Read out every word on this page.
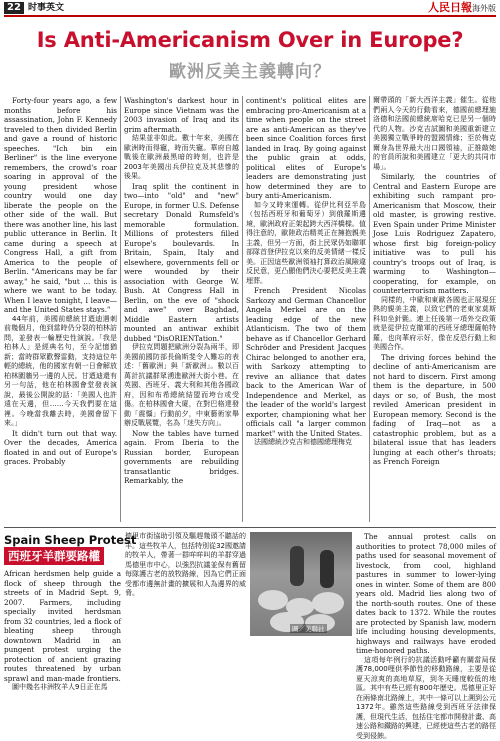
22 时事英文	人民日報海外版
Is Anti-Americanism Over in Europe?
歐洲反美主義轉向？

Forty-four years ago, a few months before his assassination, John F. Kennedy traveled to then divided Berlin and gave a round of historic speeches. "Ich bin ein Berliner" is the line everyone remembers, the crowd's roar soaring in approval of the young president whose country would one day liberate the people on the other side of the wall. But there was another line, his last public utterance in Berlin. It came during a speech at Congress Hall, a gift from America to the people of Berlin. "Americans may be far away," he said, "but ... this is where we want to be today. When I leave tonight, I leave—and the United States stays."

44年前，美國前總統甘迺迪遇刺前幾個月，他到當時仍分裂的柏林訪問，並發表一輪歷史性演說。「我是柏林人」是經典名句，至今記憶猶新；當時群眾歡聲雷動，支持這位年輕的總統，他的國家有朝一日會解放柏林圍牆另一邊的人民。甘迺迪還有另一句話，他在柏林國會堂發表演說，最後公開說的話：「美國人也許遠在天邊，但……今天我們要在這裡。今晚當我離去時，美國會留下來。」

It didn't turn out that way. Over the decades, America floated in and out of Europe's graces. Probably

Washington's darkest hour in Europe since Vietnam was the 2003 invasion of Iraq and its grim aftermath.

結果並非如此。數十年來，美國在歐洲時而得寵，時而失寵。華府自越戰後在歐洲最黑暗的時刻，也許是2003年美國出兵伊拉克及其悲慘的後果。

Iraq split the continent in two—into "old" and "new" Europe, in former U.S. Defense secretary Donald Rumsfeld's memorable formulation. Millions of protesters filled Europe's boulevards. In Britain, Spain, Italy and elsewhere, governments fell or were wounded by their association with George W. Bush. At Congress Hall in Berlin, on the eve of "shock and awe" over Baghdad, Middle Eastern artists mounted an antiwar exhibit dubbed "DisORIENTation."

伊拉克問題把歐洲分裂為兩半，即美國前國防部長倫斯斐令人難忘的表述：「舊歐洲」與「新歐洲」。數以百萬計抗議群眾湧進歐洲大街小巷。在英國、西班牙、義大利和其他各國政府，因和布希總統結盟而垮台或受傷。在柏林國會大廈，在對巴格達發動「震懾」行動前夕，中東藝術家舉辦反戰展覽，名為「迷失方向」。

Now the tables have turned again. From Iberia to the Russian border, European governments are rebuilding transatlantic bridges. Remarkably, the

continent's political elites are embracing pro-Americanism at a time when people on the street are as anti-American as they've been since Coalition forces first landed in Iraq. By going against the public grain at odds, political elites of Europe's leaders are demonstrating just how determined they are to bury anti-Americanism.

如今又時來運轉。從伊比利亞半島（包括西班牙和葡萄牙）到俄羅斯邊境，歐洲政府正架起跨大西洋橋樑。值得注意的，歐陸政治精英正在擁抱親美主義，但另一方面，街上民眾仍如聯軍部隊首登伊拉克以來的反美情緒一樣反美。正因這些歐洲領袖打算政治風險違反民意，更凸顯他們決心要把反美主義埋葬。

French President Nicolas Sarkozy and German Chancellor Angela Merkel are on the leading edge of the new Atlanticism. The two of them behave as if Chancellor Gerhard Schröder and President Jacques Chirac belonged to another era, with Sarkozy attempting to revive an alliance that dates back to the American War of Independence and Merkel, as the leader of the world's largest exporter, championing what her officials call "a larger common market" with the United States.

法國總統沙克吉和德國總理梅克

爾帶頭的「新大西洋主義」催生。從他們兩人今天的行動看來，德國前總理施洛德和法國前總統席哈克已是另一個時代的人物。沙克吉試圖和美國重新建立美國獨立戰爭時的盟國情緣；至於梅克爾身為世界最大出口國領袖，正推敲她的官員所說和美國建立「更大的共同市場」。

Similarly, the countries of Central and Eastern Europe are exhibiting such rampant pro-Americanism that Moscow, their old master, is growing restive. Even Spain under Prime Minister Jose Luis Rodriguez Zapatero, whose first big foreign-policy initiative was to pull his country's troops out of Iraq, is warming to Washington—cooperating, for example, on counterterrorism matters.

同樣的，中歐和東歐各國也正展現狂熱的親美主義，以致它們的老東家莫斯科如坐針氈。連上任後第一項外交政策就是從伊拉克撤軍的西班牙總理薩帕特羅，也向華府示好，像在反恐行動上和美國合作。

The driving forces behind the decline of anti-Americanism are not hard to discern. First among them is the departure, in 500 days or so, of Bush, the most reviled American president in European memory. Second is the fading of Iraq—not as a catastrophic problem, but as a bilateral issue that has leaders lunging at each other's throats; as French Foreign

Spain Sheep Protest
西班牙羊群要路權

African herdsmen help guide a flock of sheep through the streets of in Madrid Sept. 9, 2007. Farmers, including specially invited herdsman from 32 countries, led a flock of bleating sheep through downtown Madrid in an pungent protest urging the protection of ancient grazing routes threatened by urban sprawl and man-made frontiers.

圖中幾名非洲牧羊人9日正在馬

德里市街協助引領及驅趕幾頭不聽話的羊。這些牧羊人，包括特別從32國邀請的牧羊人，帶著一群咩咩叫的羊群穿過馬德里市中心，以強烈抗議並保有舊留每隊護古老的放牧路線，因為它們正面受都市邊無計畫的擴展和人為邊界的威脅。

圖／美聯社

The annual protest calls on authorities to protect 78,000 miles of paths used for seasonal movement of livestock, from cool, highland pastures in summer to lower-lying ones in winter. Some of them are 800 years old. Madrid lies along two of the north-south routes. One of these dates back to 1372. While the routes are protected by Spanish law, modern life including housing developments, highways and railways have eroded time-honored paths.

這項每年例行的抗議活動呼籲有關當局保護78,000哩供季節性的移動路線，主要是從夏天涼爽的高地草原，到冬天睡度較低的地區。其中有些已經有800年歷史。馬德里正好在兩條南北路線上，其中一條可以上溯到公元1372年。雖然這些路線受到西班牙法律保護，但現代生活，包括住宅都市開發計畫、高速公路和鐵路的興建，已經使這些古老的路徑受到侵蝕。
